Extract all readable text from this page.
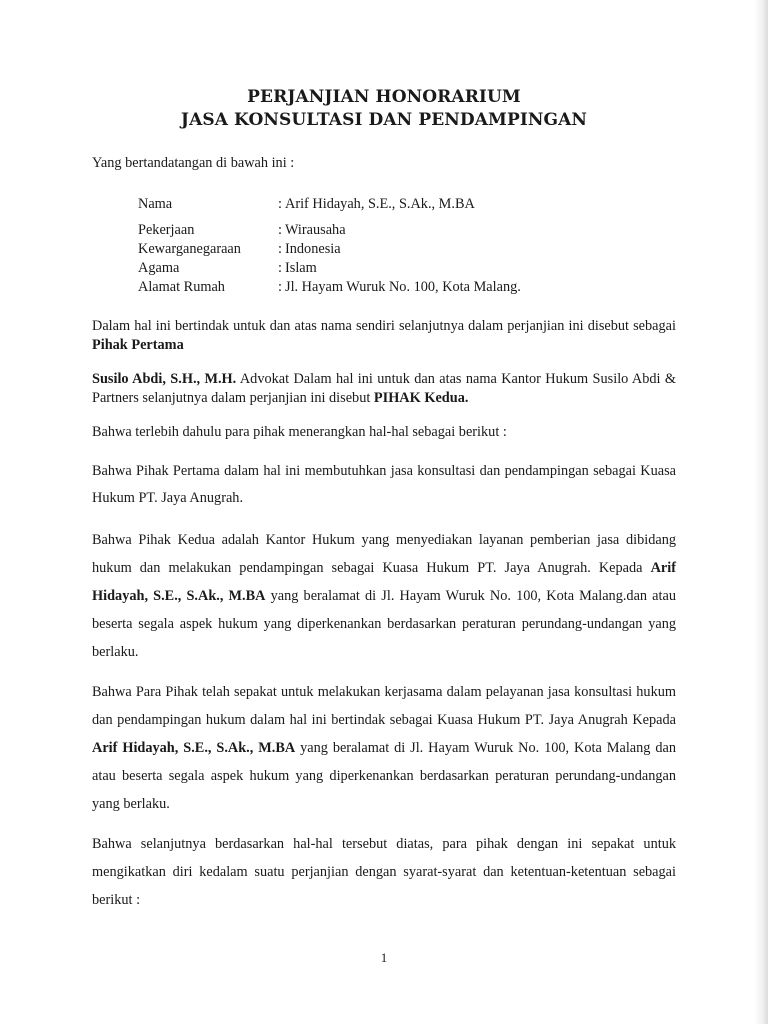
PERJANJIAN HONORARIUM
JASA KONSULTASI DAN PENDAMPINGAN

Yang bertandatangan di bawah ini :

Nama	: Arif Hidayah, S.E., S.Ak., M.BA
Pekerjaan	: Wirausaha
Kewarganegaraan	: Indonesia
Agama	: Islam
Alamat Rumah	: Jl. Hayam Wuruk No. 100, Kota Malang.

Dalam hal ini bertindak untuk dan atas nama sendiri selanjutnya dalam perjanjian ini disebut sebagai Pihak Pertama

Susilo Abdi, S.H., M.H. Advokat Dalam hal ini untuk dan atas nama Kantor Hukum Susilo Abdi & Partners selanjutnya dalam perjanjian ini disebut PIHAK Kedua.

Bahwa terlebih dahulu para pihak menerangkan hal-hal sebagai berikut :

Bahwa Pihak Pertama dalam hal ini membutuhkan jasa konsultasi dan pendampingan sebagai Kuasa Hukum PT. Jaya Anugrah.

Bahwa Pihak Kedua adalah Kantor Hukum yang menyediakan layanan pemberian jasa dibidang hukum dan melakukan pendampingan sebagai Kuasa Hukum PT. Jaya Anugrah. Kepada Arif Hidayah, S.E., S.Ak., M.BA yang beralamat di Jl. Hayam Wuruk No. 100, Kota Malang.dan atau beserta segala aspek hukum yang diperkenankan berdasarkan peraturan perundang-undangan yang berlaku.

Bahwa Para Pihak telah sepakat untuk melakukan kerjasama dalam pelayanan jasa konsultasi hukum dan pendampingan hukum dalam hal ini bertindak sebagai Kuasa Hukum PT. Jaya Anugrah Kepada Arif Hidayah, S.E., S.Ak., M.BA yang beralamat di Jl. Hayam Wuruk No. 100, Kota Malang dan atau beserta segala aspek hukum yang diperkenankan berdasarkan peraturan perundang-undangan yang berlaku.

Bahwa selanjutnya berdasarkan hal-hal tersebut diatas, para pihak dengan ini sepakat untuk mengikatkan diri kedalam suatu perjanjian dengan syarat-syarat dan ketentuan-ketentuan sebagai berikut :

1
